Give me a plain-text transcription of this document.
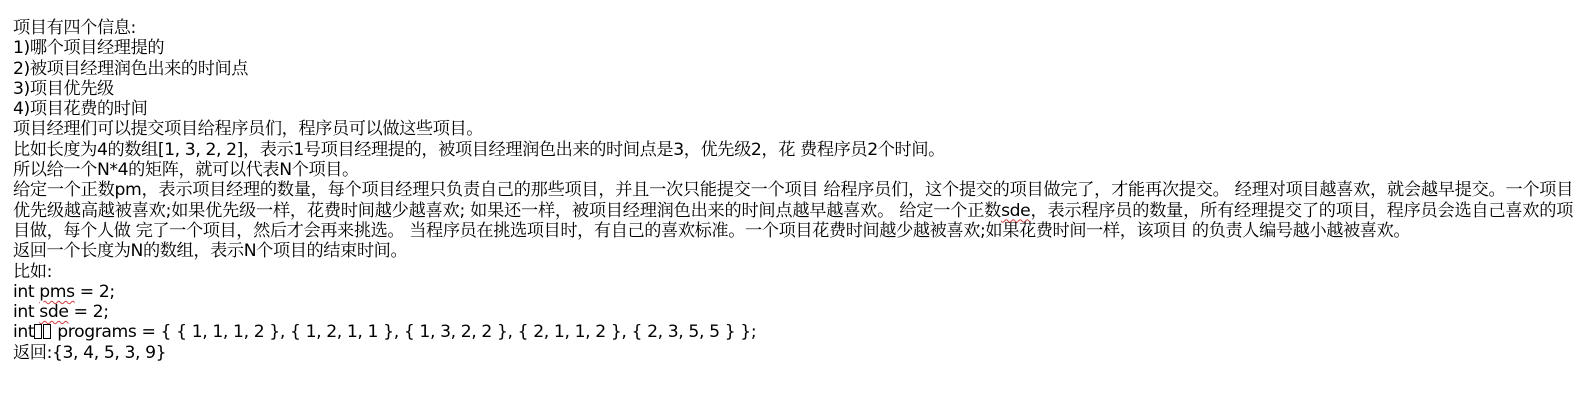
项目有四个信息:
1)哪个项目经理提的
2)被项目经理润色出来的时间点
3)项目优先级
4)项目花费的时间
项目经理们可以提交项目给程序员们，程序员可以做这些项目。
比如长度为4的数组[1, 3, 2, 2]，表示1号项目经理提的，被项目经理润色出来的时间点是3，优先级2，花 费程序员2个时间。
所以给一个N*4的矩阵，就可以代表N个项目。
给定一个正数pm，表示项目经理的数量，每个项目经理只负责自己的那些项目，并且一次只能提交一个项目 给程序员们，这个提交的项目做完了，才能再次提交。 经理对项目越喜欢，就会越早提交。一个项目优先级越高越被喜欢;如果优先级一样，花费时间越少越喜欢; 如果还一样，被项目经理润色出来的时间点越早越喜欢。 给定一个正数sde，表示程序员的数量，所有经理提交了的项目，程序员会选自己喜欢的项目做，每个人做 完了一个项目，然后才会再来挑选。 当程序员在挑选项目时，有自己的喜欢标准。一个项目花费时间越少越被喜欢;如果花费时间一样，该项目 的负责人编号越小越被喜欢。
返回一个长度为N的数组，表示N个项目的结束时间。
比如:
int pms = 2;
int sde = 2;
int programs = { { 1, 1, 1, 2 }, { 1, 2, 1, 1 }, { 1, 3, 2, 2 }, { 2, 1, 1, 2 }, { 2, 3, 5, 5 } };
返回:{3, 4, 5, 3, 9}
